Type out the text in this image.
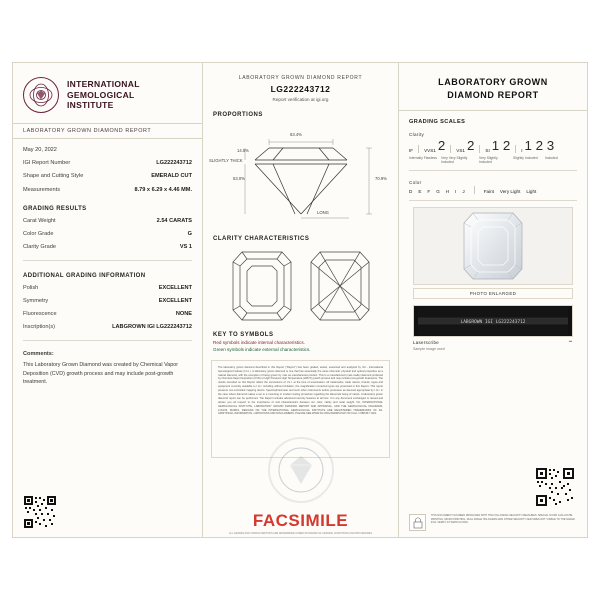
INTERNATIONAL
GEMOLOGICAL
INSTITUTE
LABORATORY GROWN DIAMOND REPORT
May 20, 2022
IGI Report Number	LG222243712
Shape and Cutting Style	EMERALD CUT
Measurements	8.79 x 6.29 x 4.46 MM.
GRADING RESULTS
Carat Weight	2.54 CARATS
Color Grade	G
Clarity Grade	VS 1
ADDITIONAL GRADING INFORMATION
Polish	EXCELLENT
Symmetry	EXCELLENT
Fluorescence	NONE
Inscription(s)	LABGROWN IGI LG222243712
Comments:
This Laboratory Grown Diamond was created by Chemical Vapor Deposition (CVD) growth process and may include post-growth treatment.
LABORATORY GROWN DIAMOND REPORT
LG222243712
Report verification at igi.org
PROPORTIONS
63.4%
14.5%
SLIGHTLY THICK
53.0%	70.9%
LONG
CLARITY CHARACTERISTICS
KEY TO SYMBOLS
Red symbols indicate internal characteristics.
Green symbols indicate external characteristics.
The laboratory grown diamond described in this Report ("Report") has been graded, tested, examined and analyzed by IGI - International Gemological Institute (I.G.I.). A laboratory grown diamond is one that has essentially the same chemical, physical and optical properties as a natural diamond, with the exception of being grown by man as manufactured product. This is a manufactured (man-made) diamond produced by Chemical Vapor Deposition (CVD) or High Pressure High Temperature (HPHT) growth process and may include post-growth treatments. The results recorded on this Report reflect the conclusions of I.G.I. at the time of examination. All trademarks, trade names, brands, logos and equipment currently available to I.G.I. including without limitation, the magnification corrected types are presented in this Report. This report presents non-controlled mapping device. Spectrophotometer and such other instruments and/or processes as deemed appropriate by I.G.I. in the case where diamond makes a set or a mounting or modern testing procedure regarding the diamonds being of nature. A laboratory grown diamond report can be performed. The Report includes advanced security features at all time. It is any document exchanged or issued and denies you all respect to the importance of and characteristics between our color, clarity and carat weight. IGI, INTERNATIONAL GEMOLOGICAL INSTITUTE, LABORATORY GROWN DIAMOND REPORT AND APPRAISAL, AND THE GEMOLOGICAL DIAGRAMS, LOGOS, MARKS, DESIGNS OR THE INTERNATIONAL GEMOLOGICAL INSTITUTE ARE REGISTERED TRADEMARKS OF IGI. ADDITIONAL INFORMATION, LIMITATIONS AND DISCLAIMERS, PLEASE SEE WWW.IGI.ORG/TERMS.PHP OR CALL 1 888 847 1021.
FACSIMILE
ALL GRADES AND CHARACTERISTICS ARE DETERMINED UNDER STANDARD IGI GRADING CONDITIONS AND PROCEDURES
LABORATORY GROWN
DIAMOND REPORT
GRADING SCALES
Clarity
IF $VVS1^2$ $VS1^2$ $SI^{1 2}$ $I^{1 2 3}$
Internally Flawless	Very Very Slightly Included
Very Slightly Included
Slightly Included	Included
Color
D E F G H I J	Faint Very Light Light
PHOTO ENLARGED
LABGROWN IGI LG222243712
Laserscribe	℠
Sample image used
THIS DOCUMENT HAS BEEN PRODUCED WITH THE FOLLOWING SECURITY MEASURES: SPECIAL OVOID GUILLOCHE PRINTING, MICRO PRINTING, DUAL IMAGE HOLOGRAM AND OTHER SECURITY FEATURES NOT VISIBLE TO THE NAKED EYE. VERIFY AT WWW.IGI.ORG
